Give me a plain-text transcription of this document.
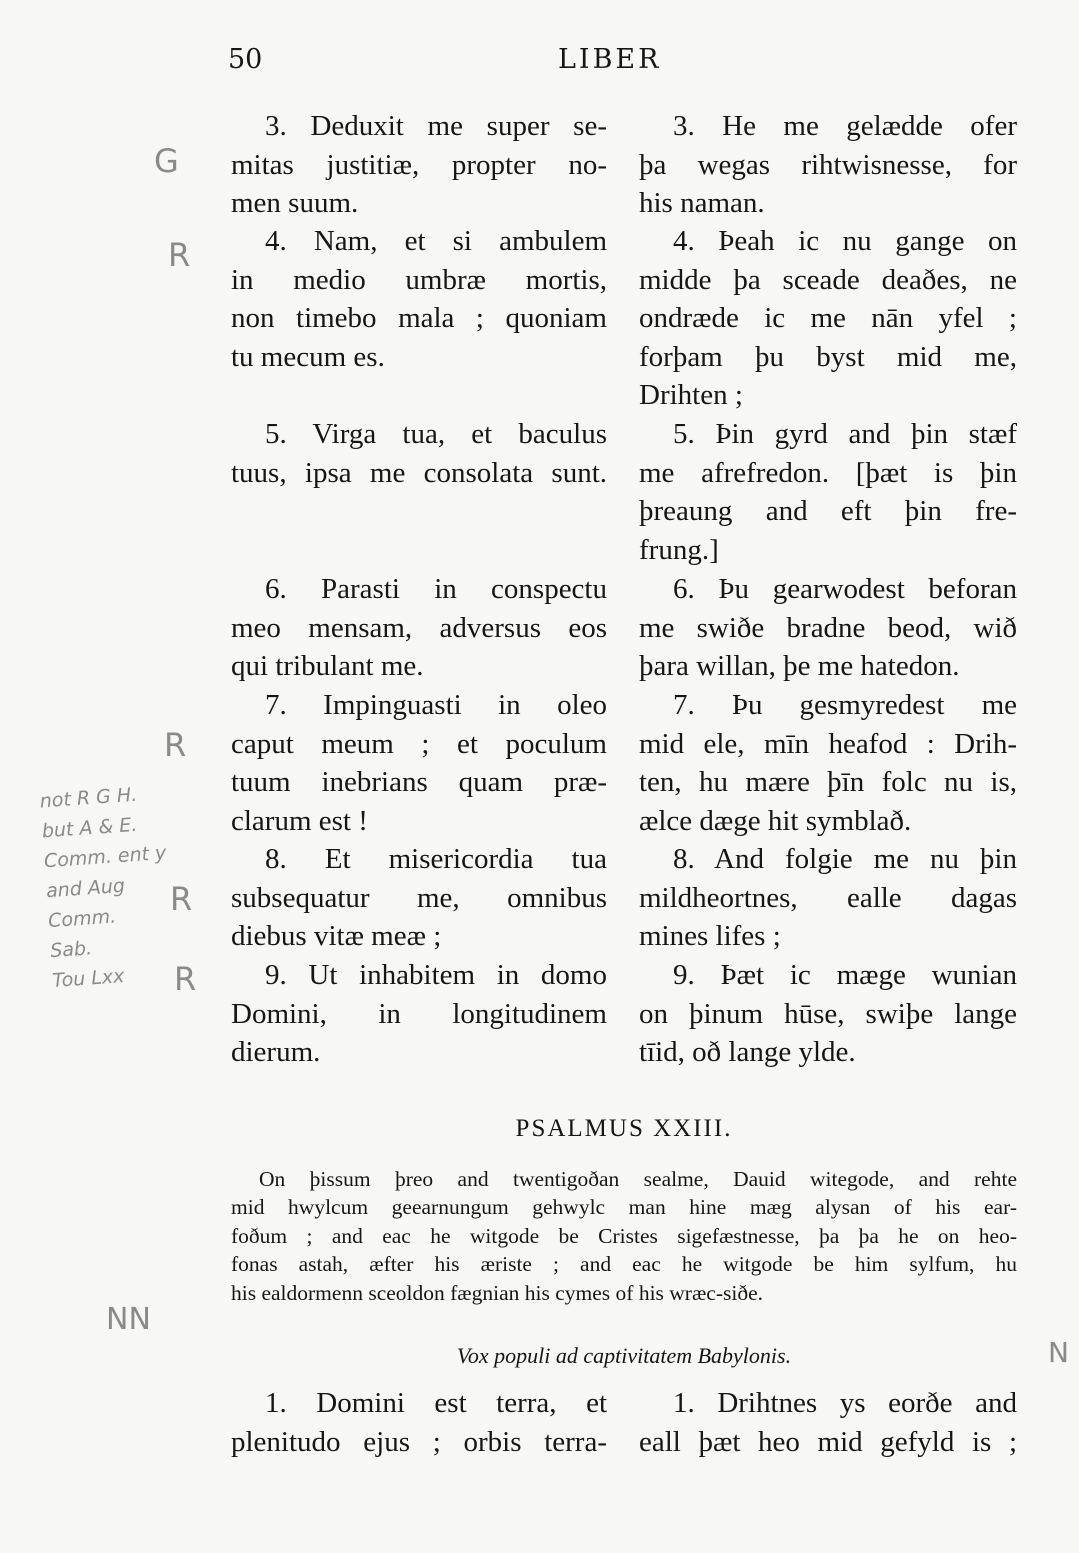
50	LIBER
3. Deduxit me super se-
mitas justitiæ, propter no-
men suum.
3. He me gelædde ofer
þa wegas rihtwisnesse, for
his naman.
4. Nam, et si ambulem
in medio umbræ mortis,
non timebo mala ; quoniam
tu mecum es.
4. Þeah ic nu gange on
midde þa sceade deaðes, ne
ondræde ic me nān yfel ;
forþam þu byst mid me,
Drihten ;
5. Virga tua, et baculus
tuus, ipsa me consolata sunt.
5. Þin gyrd and þin stæf
me afrefredon. [þæt is þin
þreaung and eft þin fre-
frung.]
6. Parasti in conspectu
meo mensam, adversus eos
qui tribulant me.
6. Þu gearwodest beforan
me swiðe bradne beod, wið
þara willan, þe me hatedon.
7. Impinguasti in oleo
caput meum ; et poculum
tuum inebrians quam præ-
clarum est !
7. Þu gesmyredest me
mid ele, mīn heafod : Drih-
ten, hu mære þīn folc nu is,
ælce dæge hit symblað.
8. Et misericordia tua
subsequatur me, omnibus
diebus vitæ meæ ;
8. And folgie me nu þin
mildheortnes, ealle dagas
mines lifes ;
9. Ut inhabitem in domo
Domini, in longitudinem
dierum.
9. Þæt ic mæge wunian
on þinum hūse, swiþe lange
tīid, oð lange ylde.
PSALMUS XXIII.
On þissum þreo and twentigoðan sealme, Dauid witegode, and rehte
mid hwylcum geearnungum gehwylc man hine mæg alysan of his ear-
foðum ; and eac he witgode be Cristes sigefæstnesse, þa þa he on heo-
fonas astah, æfter his æriste ; and eac he witgode be him sylfum, hu
his ealdormenn sceoldon fægnian his cymes of his wræc-siðe.
Vox populi ad captivitatem Babylonis.
1. Domini est terra, et
plenitudo ejus ; orbis terra-
1. Drihtnes ys eorðe and
eall þæt heo mid gefyld is ;
G
R
R
R
R
not R G H.
but A & E.
Comm. ent y
and Aug
Comm.
Sab.
Tou Lxx
NN
N
